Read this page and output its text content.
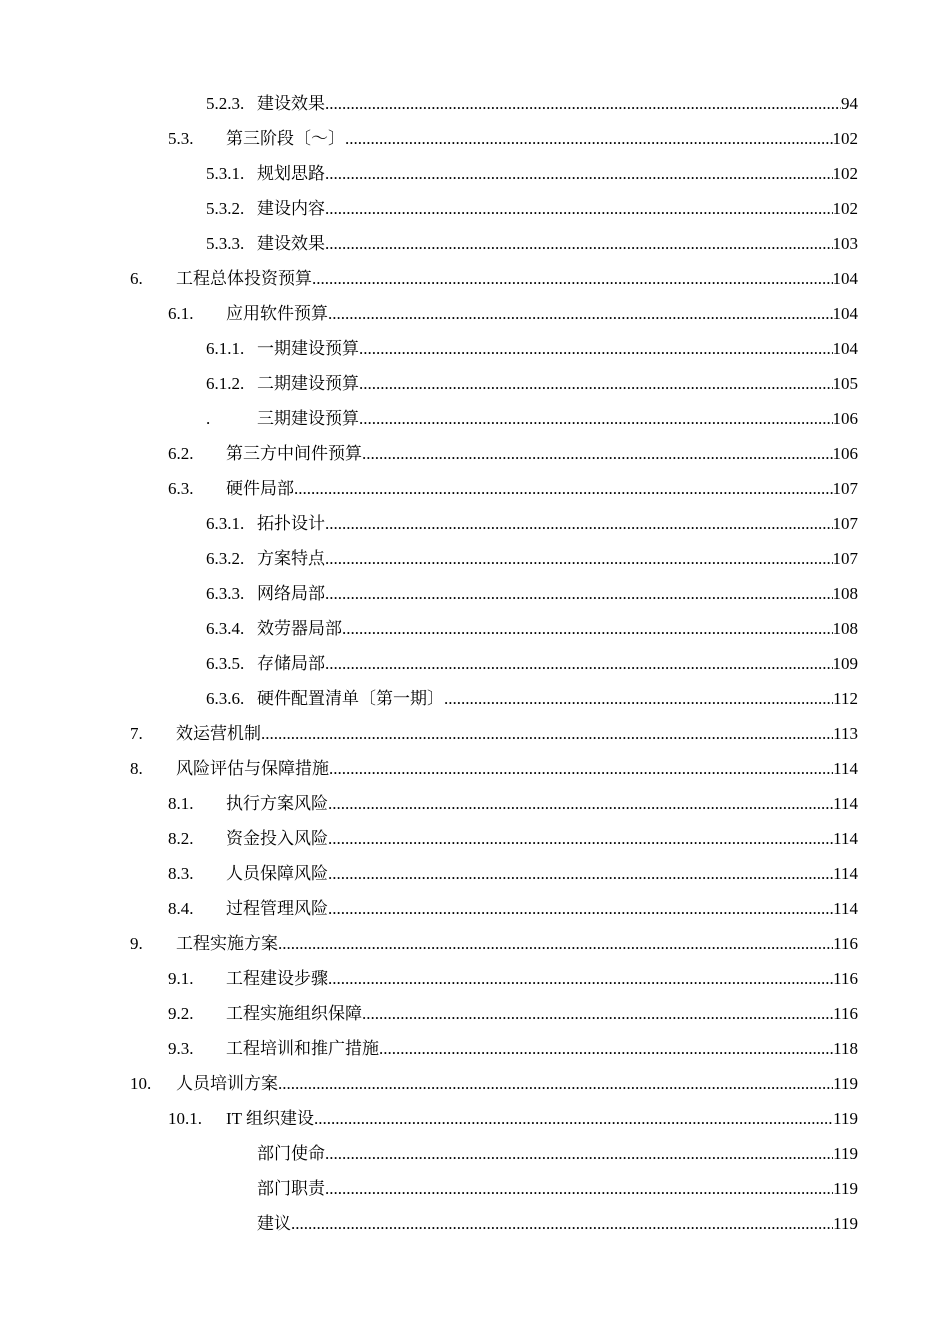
5.2.3. 建设效果 .....	94
5.3. 第三阶段〔～〕 .....	102
5.3.1. 规划思路 .....	102
5.3.2. 建设内容 .....	102
5.3.3. 建设效果 .....	103
6. 工程总体投资预算 .....	104
6.1. 应用软件预算 .....	104
6.1.1. 一期建设预算 .....	104
6.1.2. 二期建设预算 .....	105
.	三期建设预算 .....	106
6.2. 第三方中间件预算 .....	106
6.3. 硬件局部 .....	107
6.3.1. 拓扑设计 .....	107
6.3.2. 方案特点 .....	107
6.3.3. 网络局部 .....	108
6.3.4. 效劳器局部 .....	108
6.3.5. 存储局部 .....	109
6.3.6. 硬件配置清单〔第一期〕 .....	112
7. 效运营机制 .....	113
8. 风险评估与保障措施 .....	114
8.1. 执行方案风险 .....	114
8.2. 资金投入风险 .....	114
8.3. 人员保障风险 .....	114
8.4. 过程管理风险 .....	114
9. 工程实施方案 .....	116
9.1. 工程建设步骤 .....	116
9.2. 工程实施组织保障 .....	116
9.3. 工程培训和推广措施 .....	118
10. 人员培训方案 .....	119
10.1. IT 组织建设 .....	119
部门使命 .....	119
部门职责 .....	119
建议 .....	119
